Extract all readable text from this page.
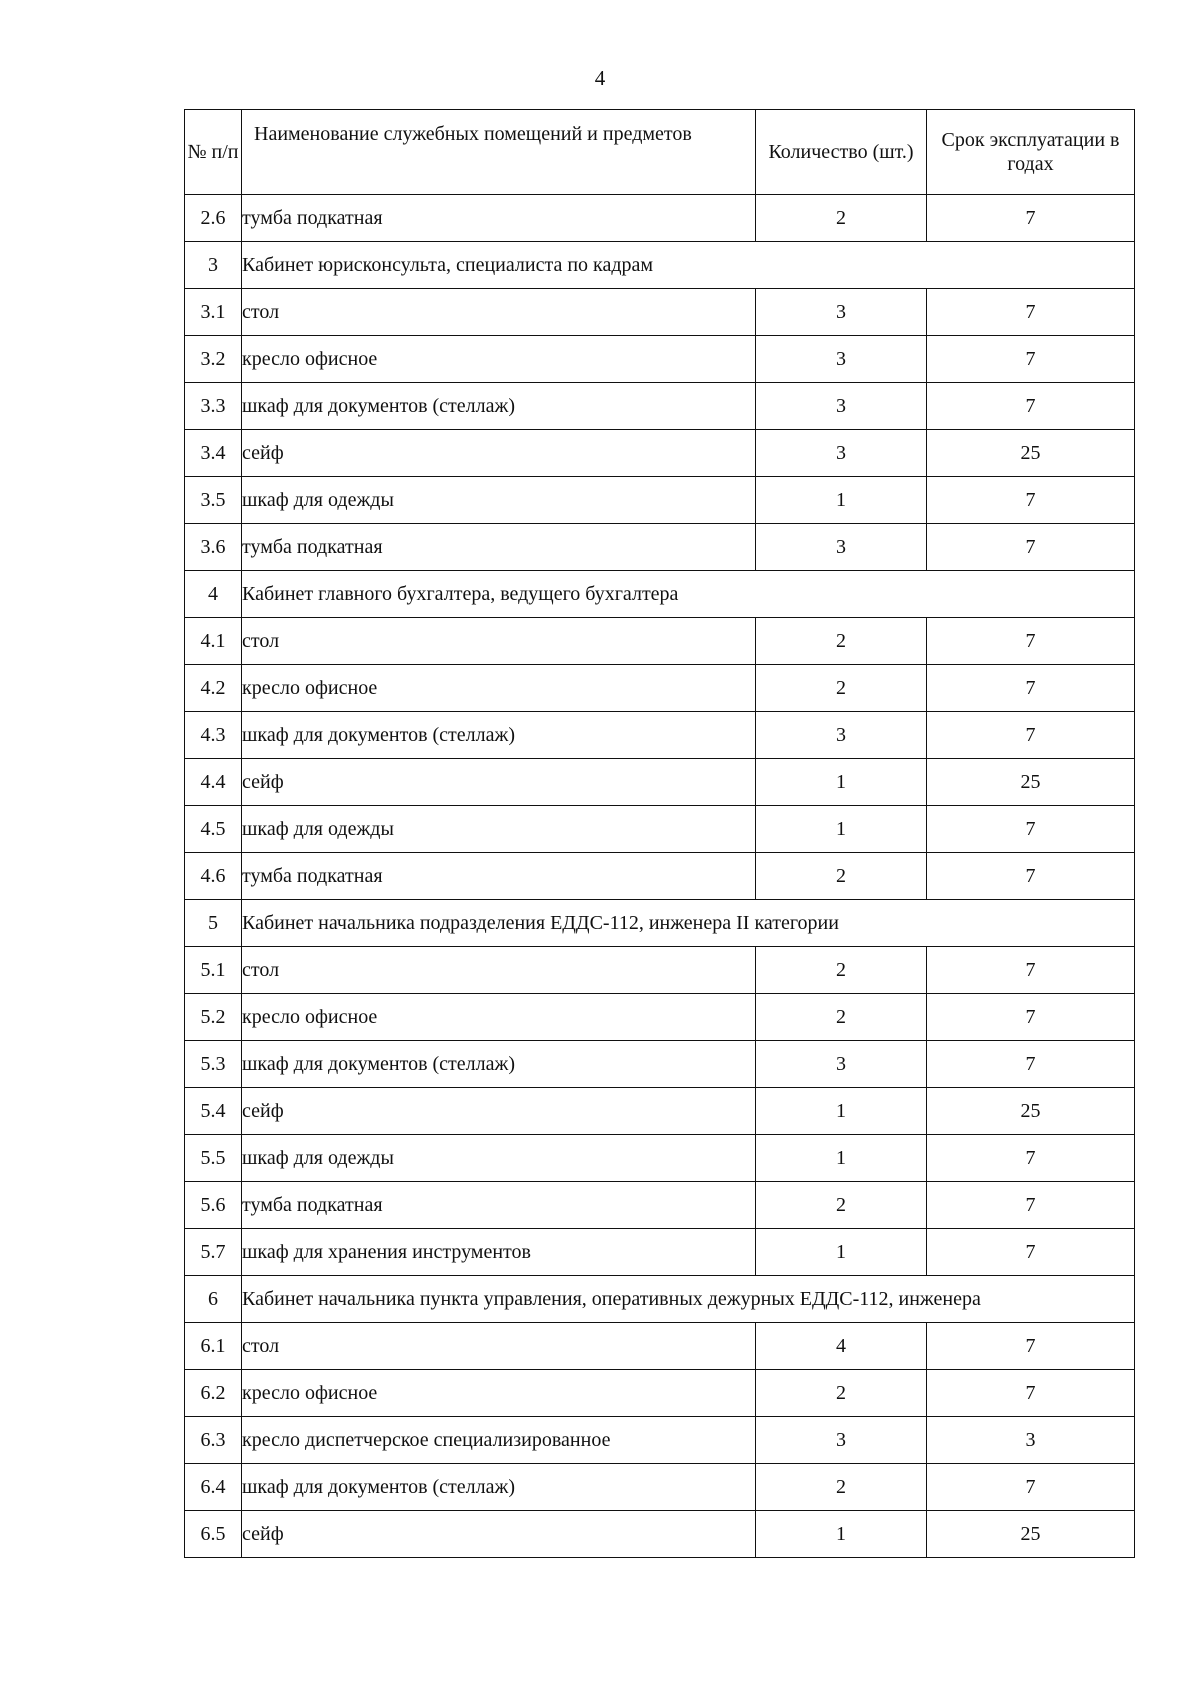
4
№ п/п	Наименование служебных помещений и предметов	Количество (шт.)	Срок эксплуатации в годах
2.6	тумба подкатная	2	7
3	Кабинет юрисконсульта, специалиста по кадрам		
3.1	стол	3	7
3.2	кресло офисное	3	7
3.3	шкаф для документов (стеллаж)	3	7
3.4	сейф	3	25
3.5	шкаф для одежды	1	7
3.6	тумба подкатная	3	7
4	Кабинет главного бухгалтера, ведущего бухгалтера		
4.1	стол	2	7
4.2	кресло офисное	2	7
4.3	шкаф для документов (стеллаж)	3	7
4.4	сейф	1	25
4.5	шкаф для одежды	1	7
4.6	тумба подкатная	2	7
5	Кабинет начальника подразделения ЕДДС-112, инженера II категории		
5.1	стол	2	7
5.2	кресло офисное	2	7
5.3	шкаф для документов (стеллаж)	3	7
5.4	сейф	1	25
5.5	шкаф для одежды	1	7
5.6	тумба подкатная	2	7
5.7	шкаф для хранения инструментов	1	7
6	Кабинет начальника пункта управления, оперативных дежурных ЕДДС-112, инженера		
6.1	стол	4	7
6.2	кресло офисное	2	7
6.3	кресло диспетчерское специализированное	3	3
6.4	шкаф для документов (стеллаж)	2	7
6.5	сейф	1	25
